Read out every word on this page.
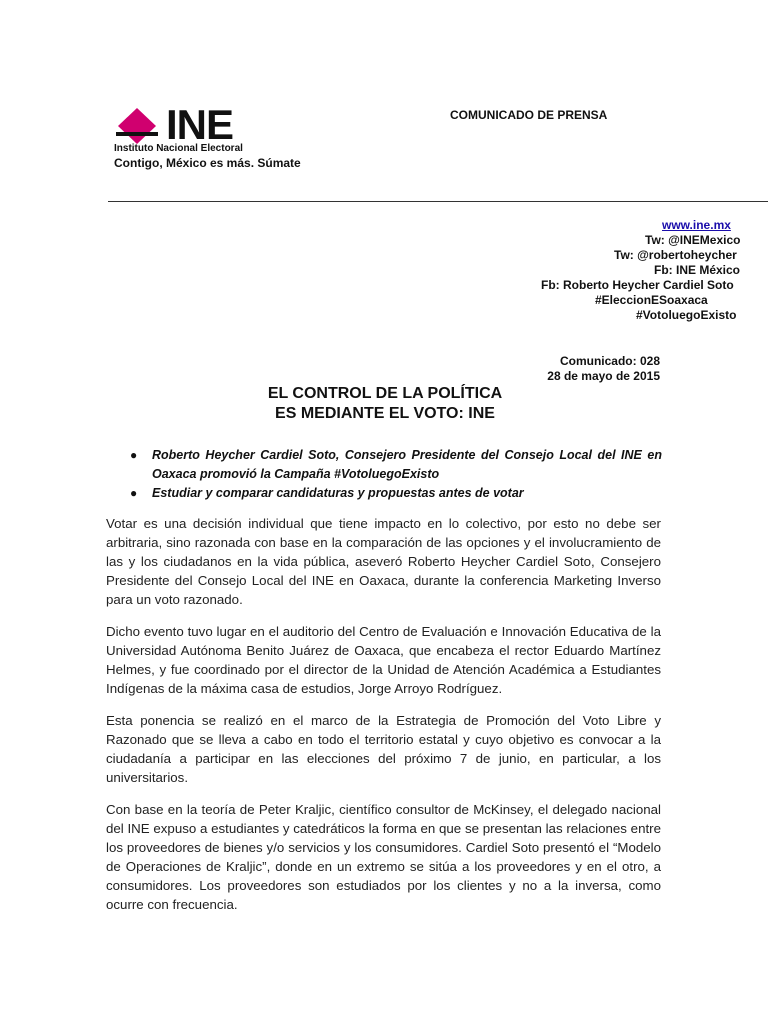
INE
Instituto Nacional Electoral
Contigo, México es más. Súmate
COMUNICADO DE PRENSA
www.ine.mx
Tw: @INEMexico
Tw: @robertoheycher
Fb: INE México
Fb: Roberto Heycher Cardiel Soto
#EleccionESoaxaca
#VotoluegoExisto
Comunicado: 028
28 de mayo de 2015
EL CONTROL DE LA POLÍTICA
ES MEDIANTE EL VOTO: INE
● Roberto Heycher Cardiel Soto, Consejero Presidente del Consejo Local del INE en Oaxaca promovió la Campaña #VotoluegoExisto
● Estudiar y comparar candidaturas y propuestas antes de votar

Votar es una decisión individual que tiene impacto en lo colectivo, por esto no debe ser arbitraria, sino razonada con base en la comparación de las opciones y el involucramiento de las y los ciudadanos en la vida pública, aseveró Roberto Heycher Cardiel Soto, Consejero Presidente del Consejo Local del INE en Oaxaca, durante la conferencia Marketing Inverso para un voto razonado.

Dicho evento tuvo lugar en el auditorio del Centro de Evaluación e Innovación Educativa de la Universidad Autónoma Benito Juárez de Oaxaca, que encabeza el rector Eduardo Martínez Helmes, y fue coordinado por el director de la Unidad de Atención Académica a Estudiantes Indígenas de la máxima casa de estudios, Jorge Arroyo Rodríguez.

Esta ponencia se realizó en el marco de la Estrategia de Promoción del Voto Libre y Razonado que se lleva a cabo en todo el territorio estatal y cuyo objetivo es convocar a la ciudadanía a participar en las elecciones del próximo 7 de junio, en particular, a los universitarios.

Con base en la teoría de Peter Kraljic, científico consultor de McKinsey, el delegado nacional del INE expuso a estudiantes y catedráticos la forma en que se presentan las relaciones entre los proveedores de bienes y/o servicios y los consumidores. Cardiel Soto presentó el “Modelo de Operaciones de Kraljic”, donde en un extremo se sitúa a los proveedores y en el otro, a consumidores. Los proveedores son estudiados por los clientes y no a la inversa, como ocurre con frecuencia.
